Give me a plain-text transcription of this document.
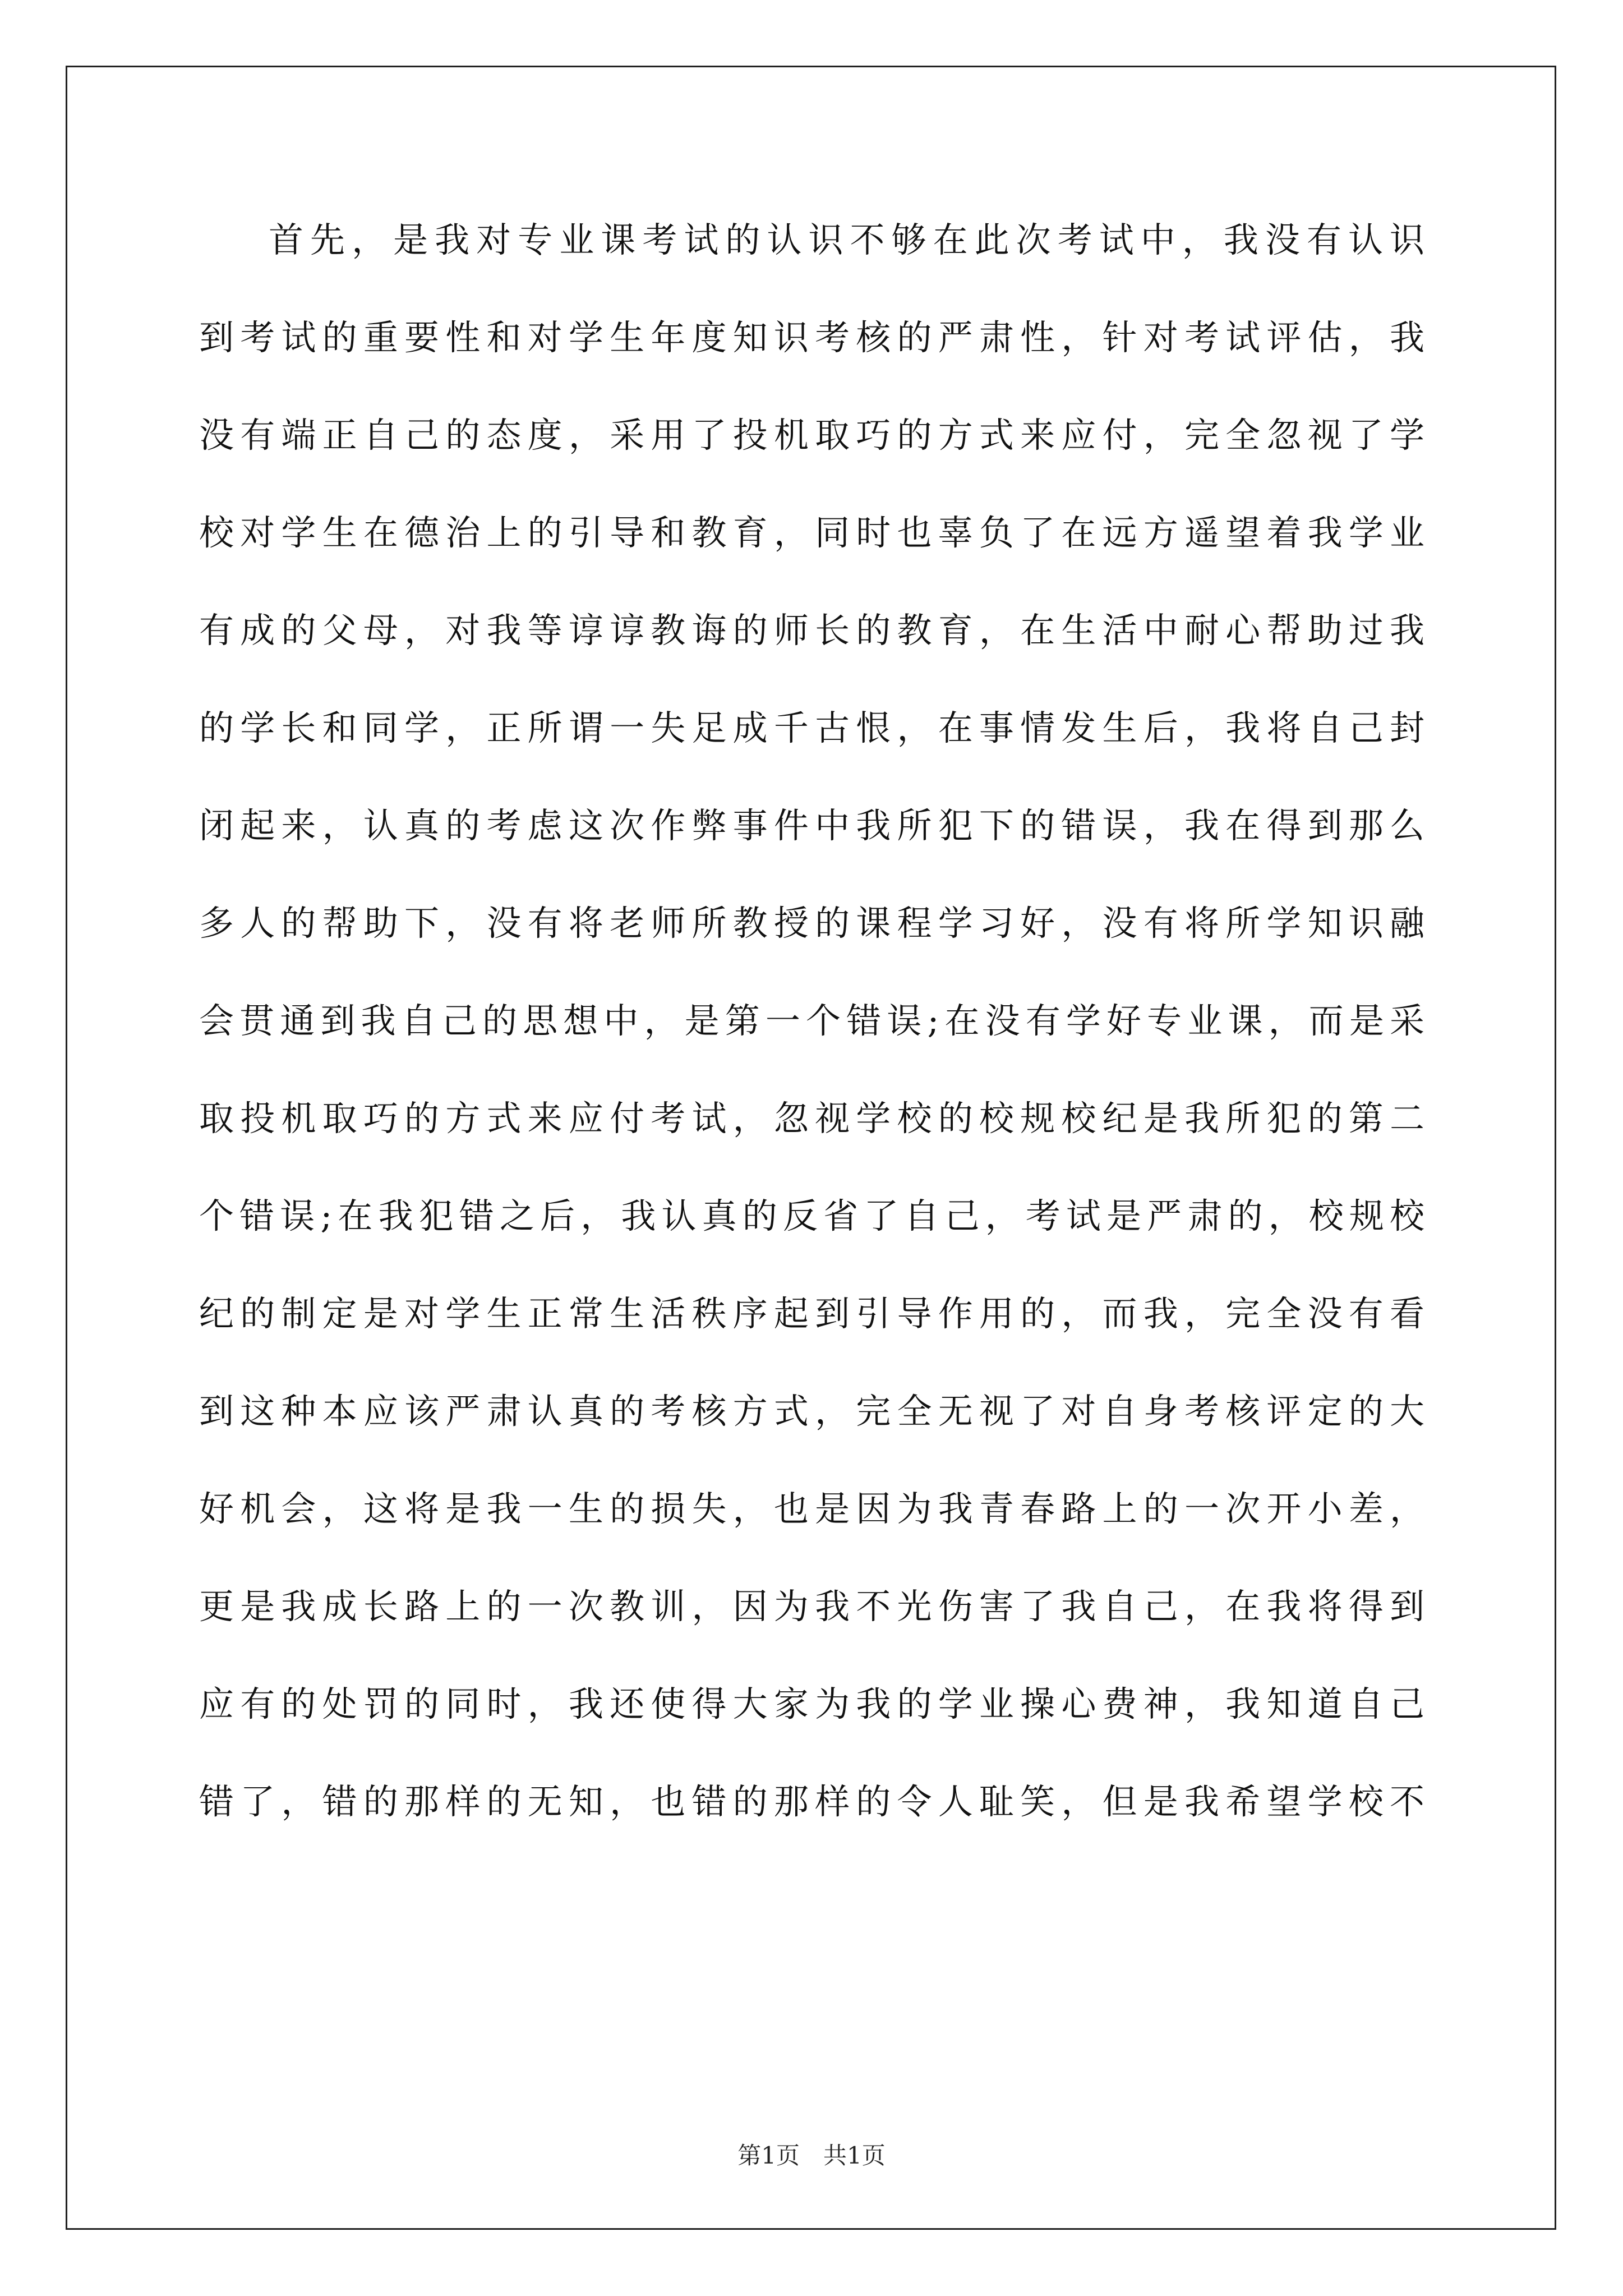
首先，是我对专业课考试的认识不够在此次考试中，我没有认识
到考试的重要性和对学生年度知识考核的严肃性，针对考试评估，我
没有端正自己的态度，采用了投机取巧的方式来应付，完全忽视了学
校对学生在德治上的引导和教育，同时也辜负了在远方遥望着我学业
有成的父母，对我等谆谆教诲的师长的教育，在生活中耐心帮助过我
的学长和同学，正所谓一失足成千古恨，在事情发生后，我将自己封
闭起来，认真的考虑这次作弊事件中我所犯下的错误，我在得到那么
多人的帮助下，没有将老师所教授的课程学习好，没有将所学知识融
会贯通到我自己的思想中，是第一个错误;在没有学好专业课，而是采
取投机取巧的方式来应付考试，忽视学校的校规校纪是我所犯的第二
个错误;在我犯错之后，我认真的反省了自己，考试是严肃的，校规校
纪的制定是对学生正常生活秩序起到引导作用的，而我，完全没有看
到这种本应该严肃认真的考核方式，完全无视了对自身考核评定的大
好机会，这将是我一生的损失，也是因为我青春路上的一次开小差，
更是我成长路上的一次教训，因为我不光伤害了我自己，在我将得到
应有的处罚的同时，我还使得大家为我的学业操心费神，我知道自己
错了，错的那样的无知，也错的那样的令人耻笑，但是我希望学校不
第1页　共1页
